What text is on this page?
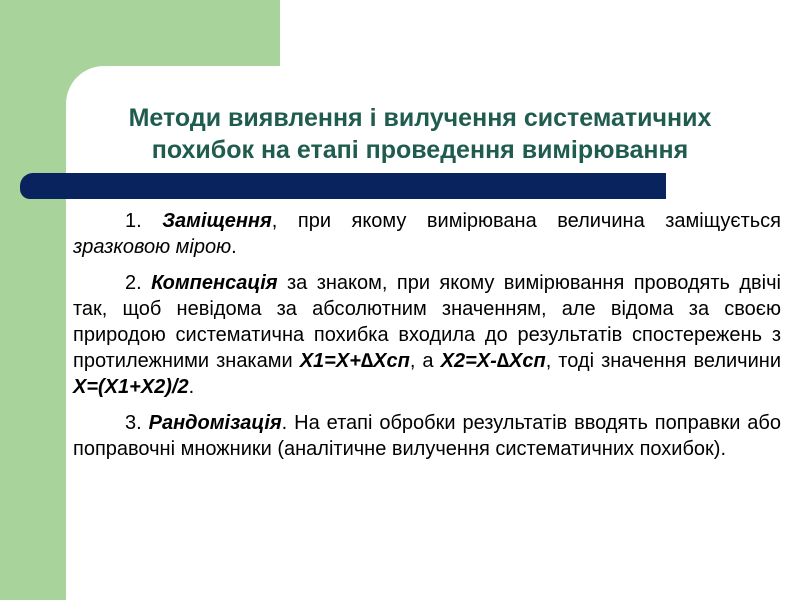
Методи виявлення і вилучення систематичних
похибок на етапі проведення вимірювання

1. Заміщення, при якому вимірювана величина заміщується зразковою мірою.

2. Компенсація за знаком, при якому вимірювання проводять двічі так, щоб невідома за абсолютним значенням, але відома за своєю природою систематична похибка входила до результатів спостережень з протилежними знаками X1=X+∆Xсп, а X2=X-∆Xсп, тоді значення величини X=(X1+X2)/2.

3. Рандомізація. На етапі обробки результатів вводять поправки або поправочні множники (аналітичне вилучення систематичних похибок).
